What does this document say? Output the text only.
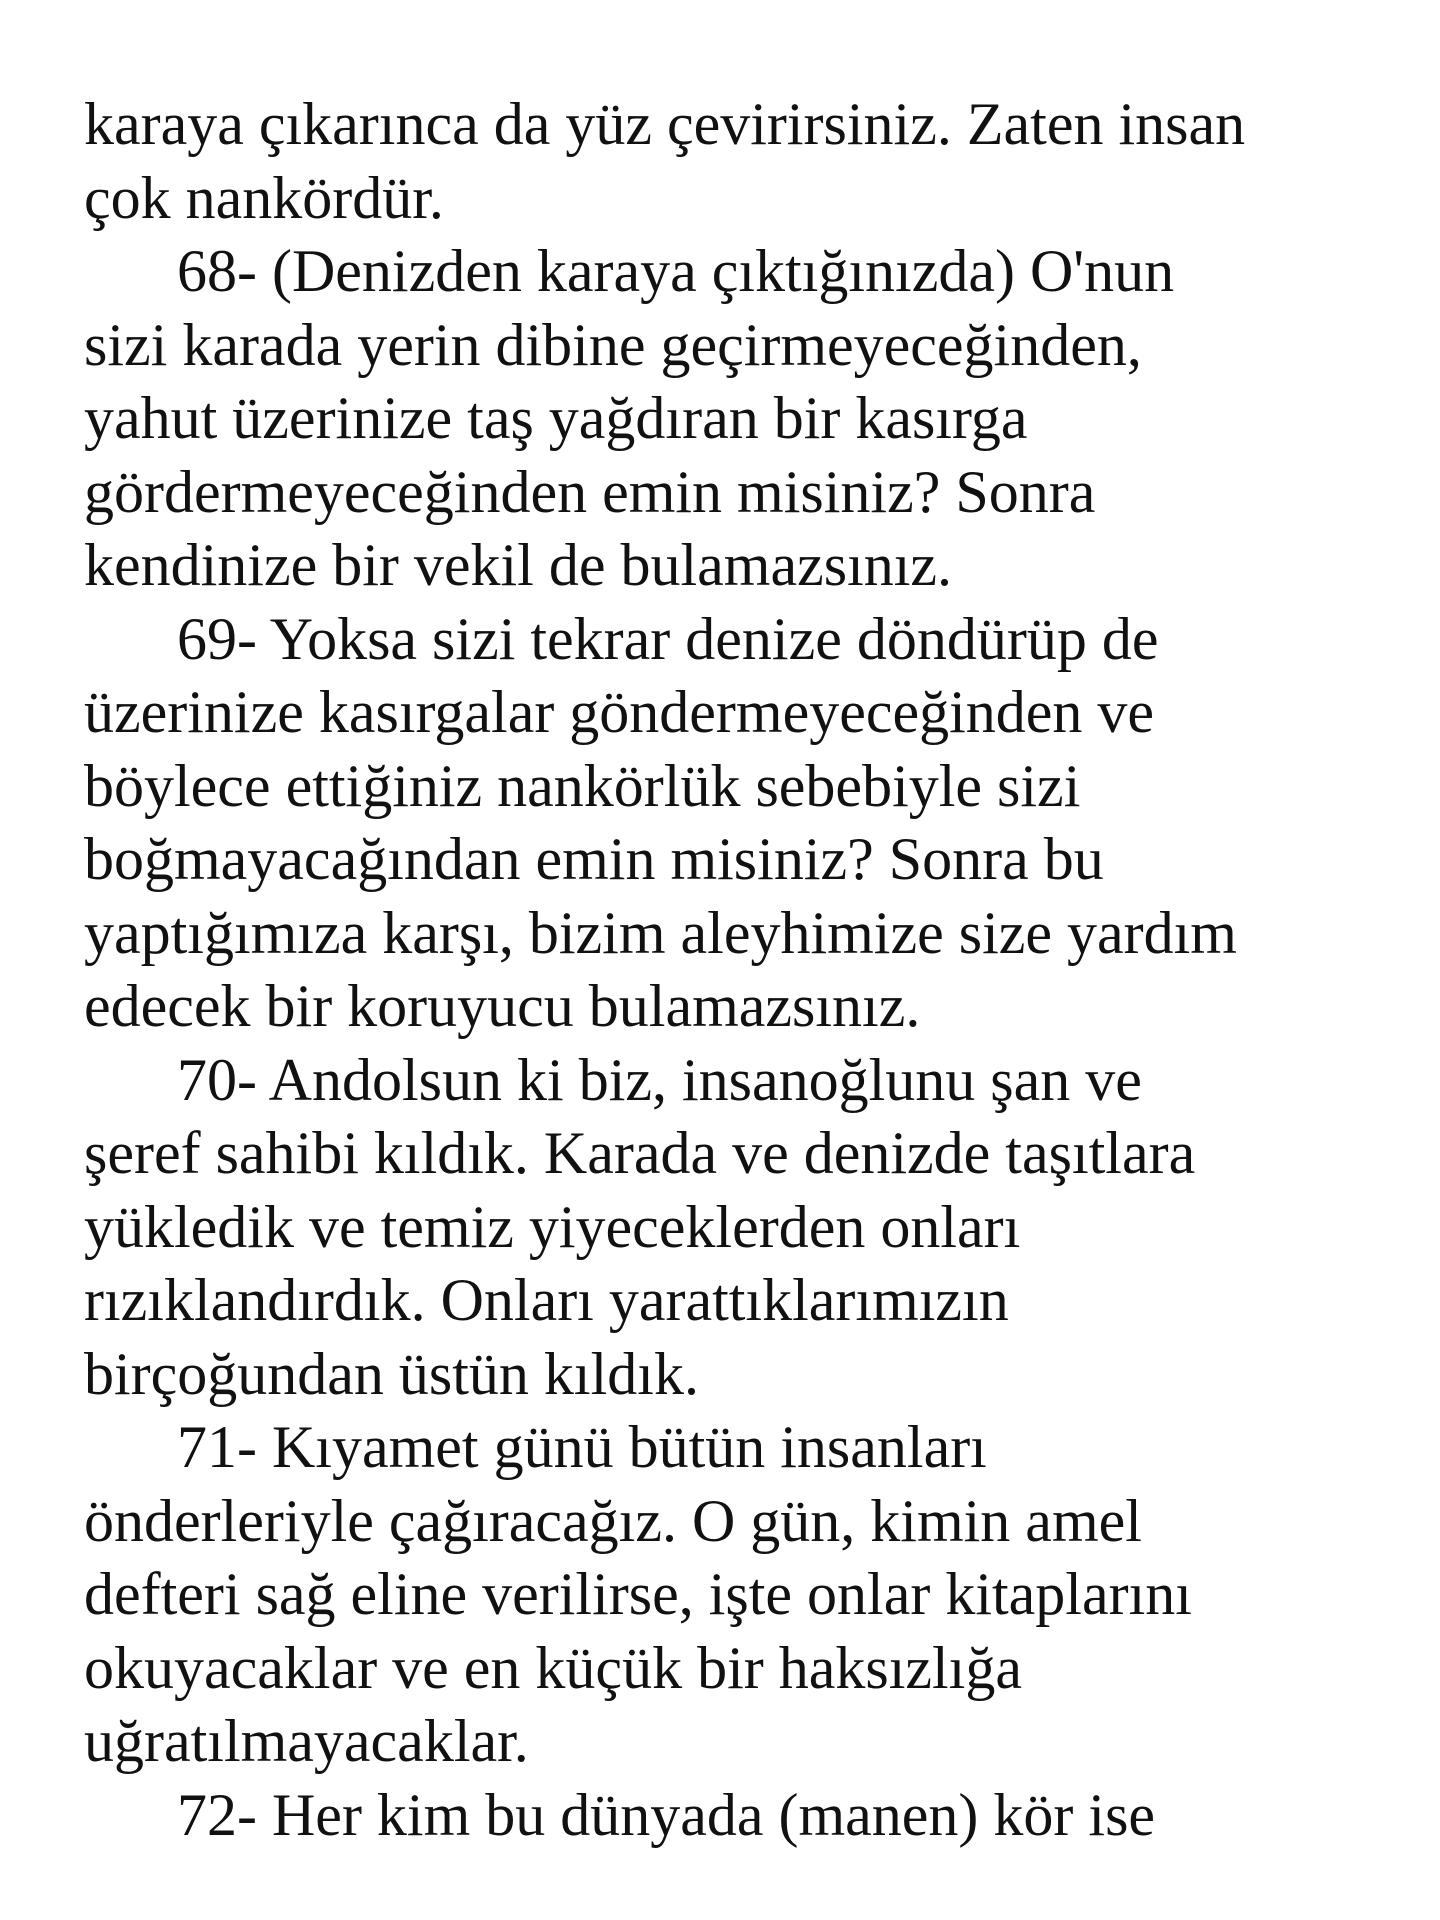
karaya çıkarınca da yüz çevirirsiniz. Zaten insan
çok nankördür.
68- (Denizden karaya çıktığınızda) O'nun
sizi karada yerin dibine geçirmeyeceğinden,
yahut üzerinize taş yağdıran bir kasırga
gördermeyeceğinden emin misiniz? Sonra
kendinize bir vekil de bulamazsınız.
69- Yoksa sizi tekrar denize döndürüp de
üzerinize kasırgalar göndermeyeceğinden ve
böylece ettiğiniz nankörlük sebebiyle sizi
boğmayacağından emin misiniz? Sonra bu
yaptığımıza karşı, bizim aleyhimize size yardım
edecek bir koruyucu bulamazsınız.
70- Andolsun ki biz, insanoğlunu şan ve
şeref sahibi kıldık. Karada ve denizde taşıtlara
yükledik ve temiz yiyeceklerden onları
rızıklandırdık. Onları yarattıklarımızın
birçoğundan üstün kıldık.
71- Kıyamet günü bütün insanları
önderleriyle çağıracağız. O gün, kimin amel
defteri sağ eline verilirse, işte onlar kitaplarını
okuyacaklar ve en küçük bir haksızlığa
uğratılmayacaklar.
72- Her kim bu dünyada (manen) kör ise
